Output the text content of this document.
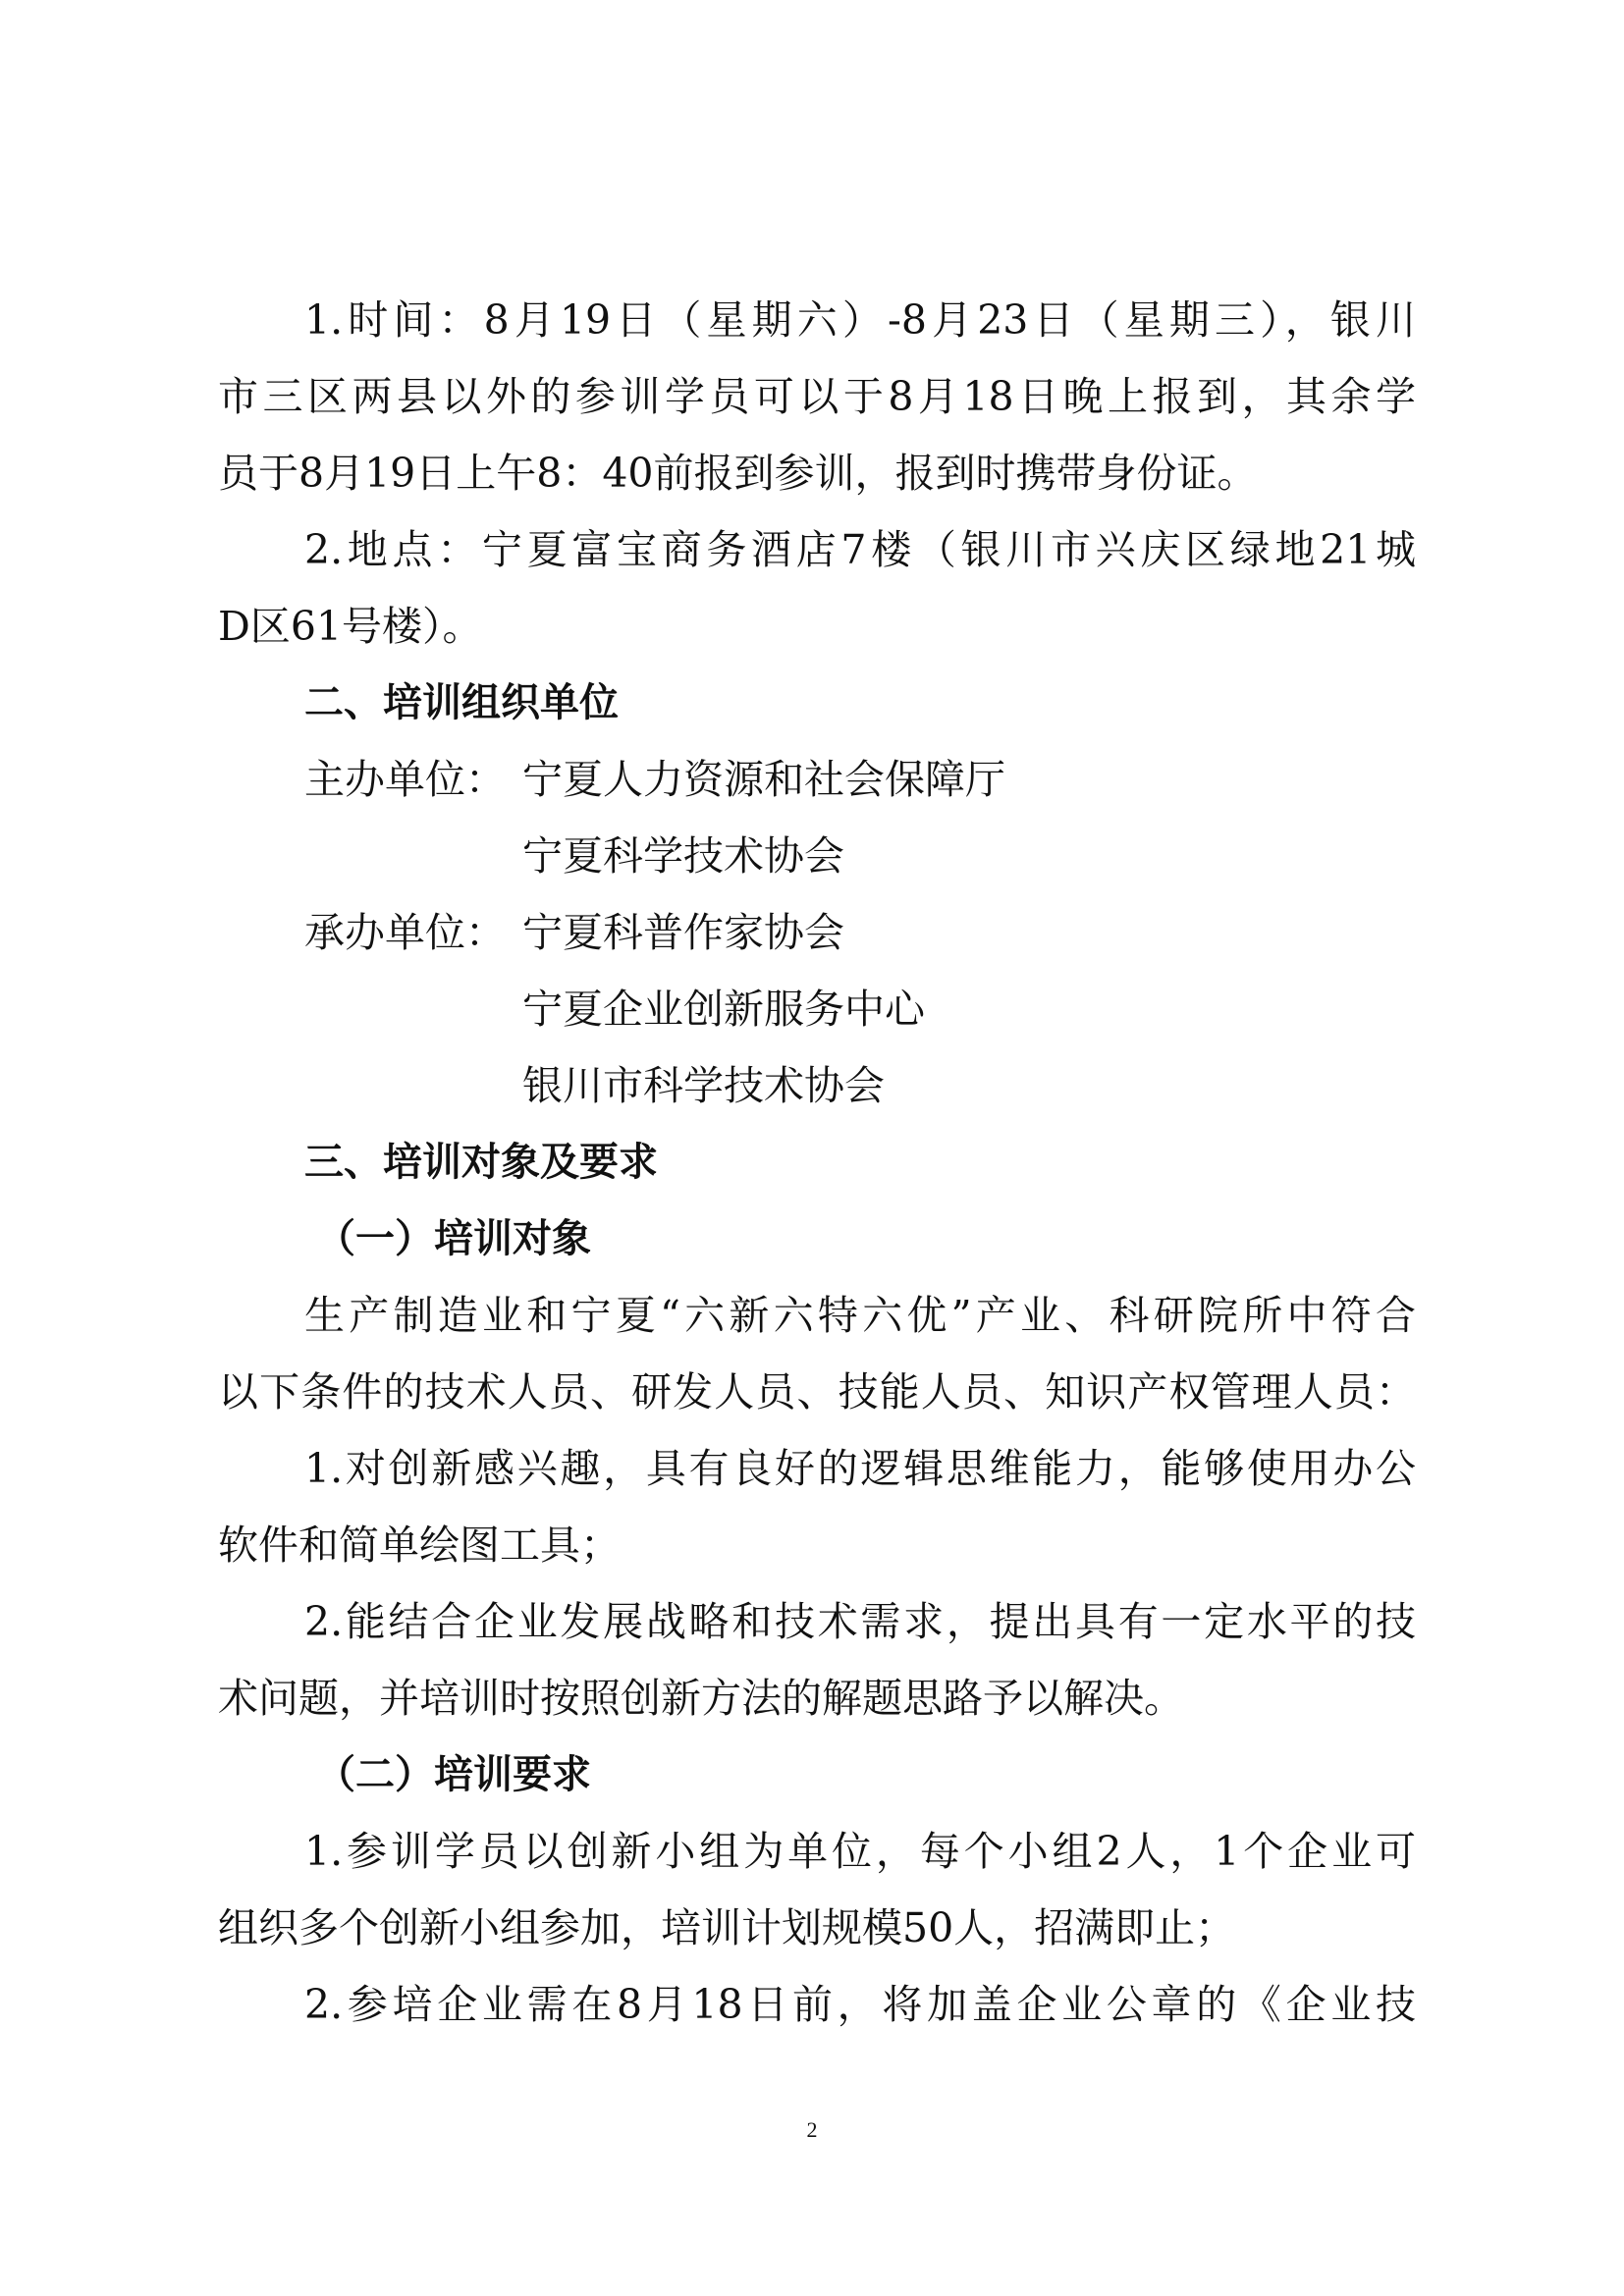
1.时间：8月19日（星期六）-8月23日（星期三），银川
市三区两县以外的参训学员可以于8月18日晚上报到，其余学
员于8月19日上午8：40前报到参训，报到时携带身份证。
2.地点：宁夏富宝商务酒店7楼（银川市兴庆区绿地21城
D区61号楼）。
二、培训组织单位
主办单位： 宁夏人力资源和社会保障厅
宁夏科学技术协会
承办单位： 宁夏科普作家协会
宁夏企业创新服务中心
银川市科学技术协会
三、培训对象及要求
（一）培训对象
生产制造业和宁夏“六新六特六优”产业、科研院所中符合
以下条件的技术人员、研发人员、技能人员、知识产权管理人员：
1.对创新感兴趣，具有良好的逻辑思维能力，能够使用办公
软件和简单绘图工具；
2.能结合企业发展战略和技术需求，提出具有一定水平的技
术问题，并培训时按照创新方法的解题思路予以解决。
（二）培训要求
1.参训学员以创新小组为单位，每个小组2人，1个企业可
组织多个创新小组参加，培训计划规模50人，招满即止；
2.参培企业需在8月18日前，将加盖企业公章的《企业技
2
